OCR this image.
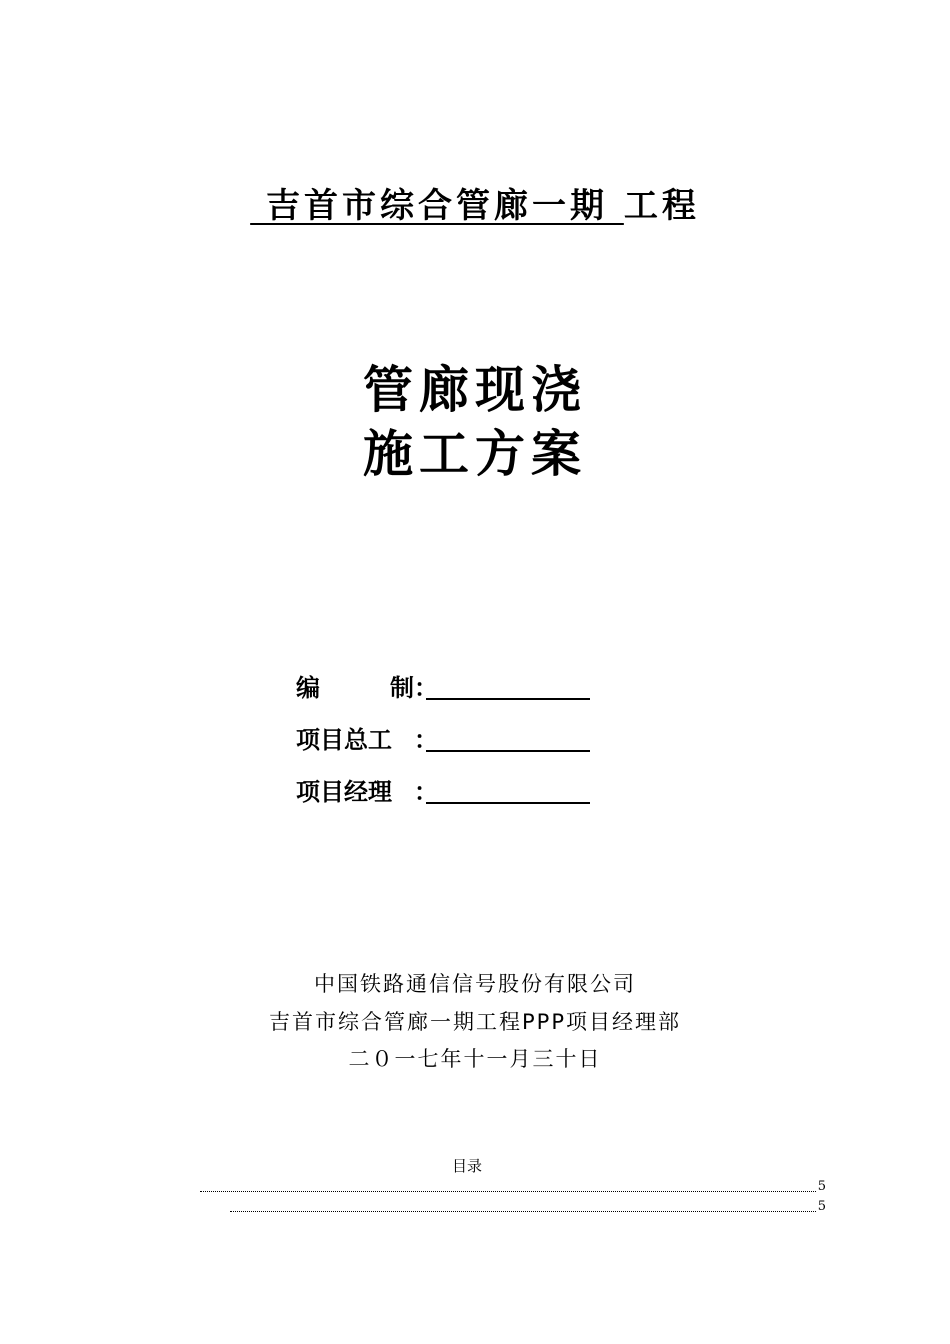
吉首市综合管廊一期 工程
管廊现浇
施工方案
编	制 ：
项目总工 ：
项目经理 ：
中国铁路通信信号股份有限公司
吉首市综合管廊一期工程PPP项目经理部
二０一七年十一月三十日
目录
5
5
